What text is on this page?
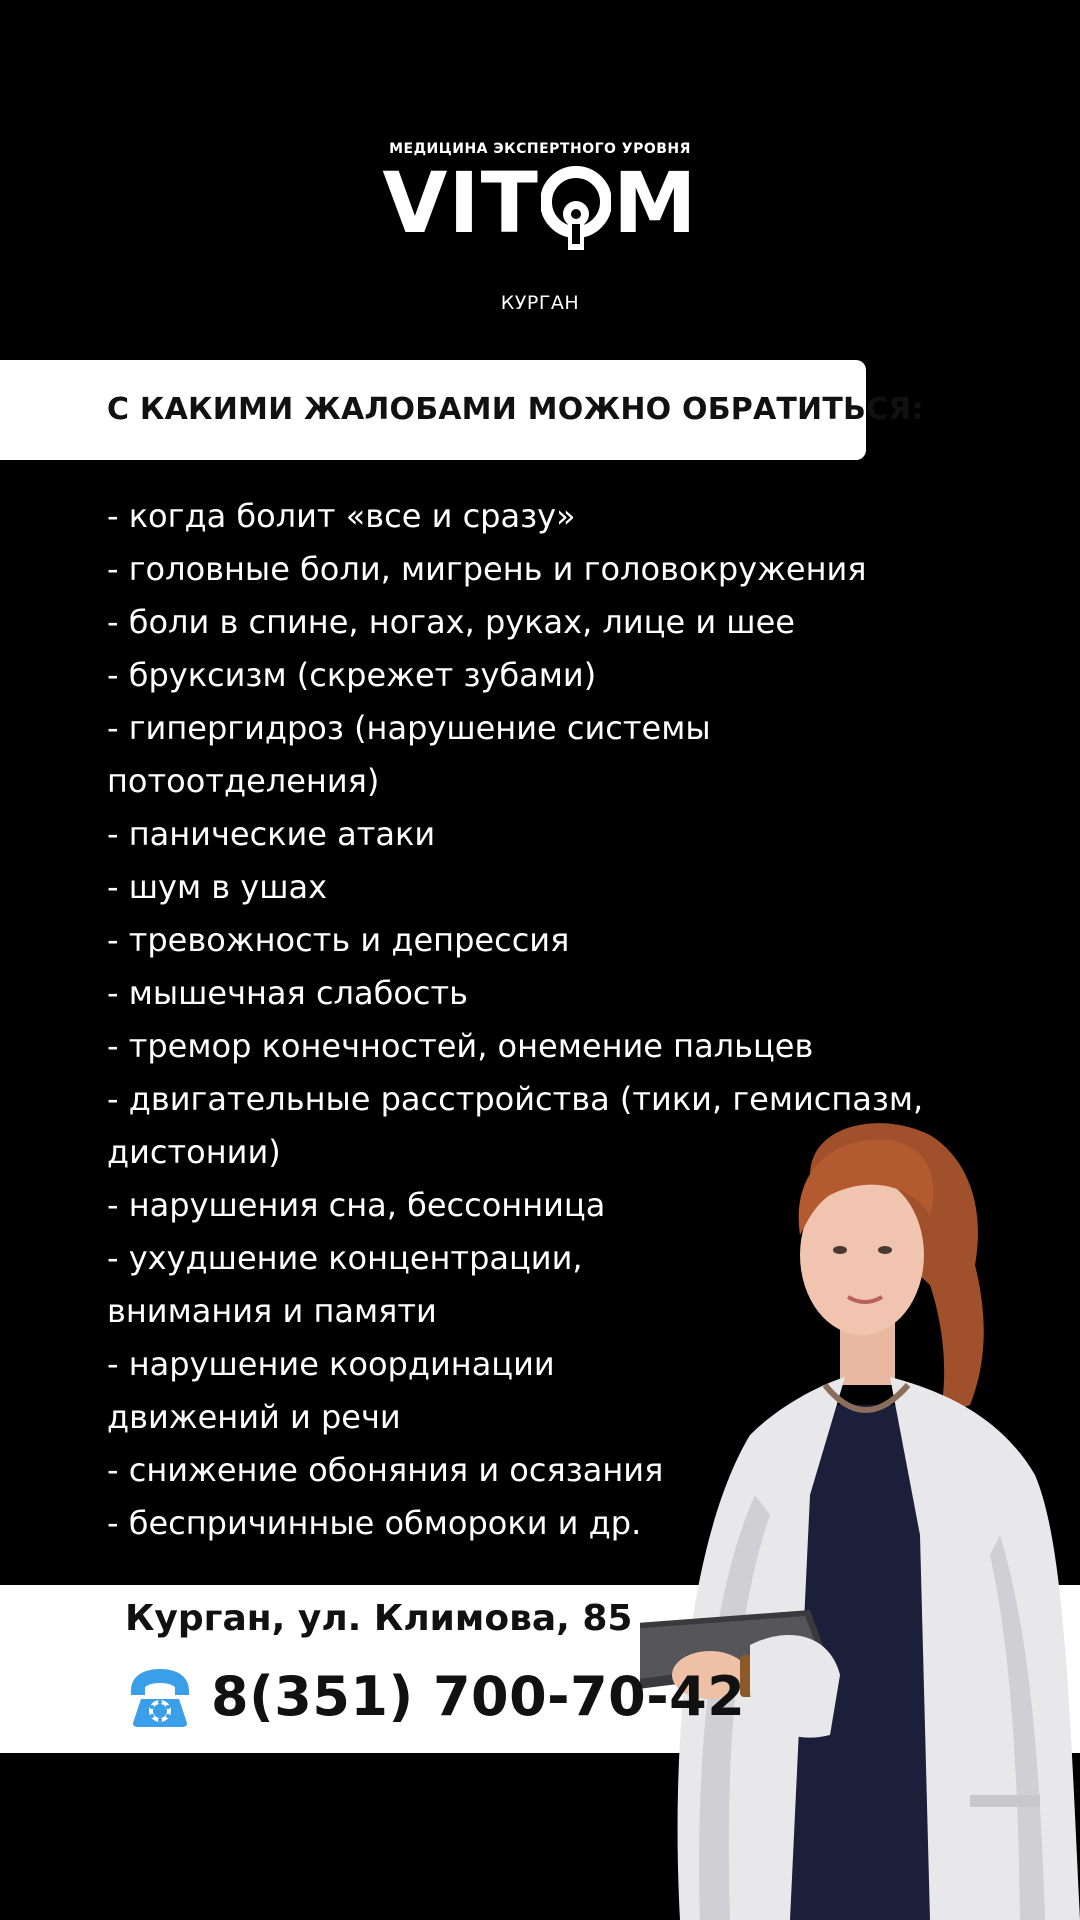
МЕДИЦИНА ЭКСПЕРТНОГО УРОВНЯ
VIT M
КУРГАН
С КАКИМИ ЖАЛОБАМИ МОЖНО ОБРАТИТЬСЯ:
- когда болит «все и сразу»
- головные боли, мигрень и головокружения
- боли в спине, ногах, руках, лице и шее
- бруксизм (скрежет зубами)
- гипергидроз (нарушение системы
потоотделения)
- панические атаки
- шум в ушах
- тревожность и депрессия
- мышечная слабость
- тремор конечностей, онемение пальцев
- двигательные расстройства (тики, гемиспазм,
дистонии)
- нарушения сна, бессонница
- ухудшение концентрации,
внимания и памяти
- нарушение координации
движений и речи
- снижение обоняния и осязания
- беспричинные обмороки и др.
Курган, ул. Климова, 85
8(351) 700-70-42
